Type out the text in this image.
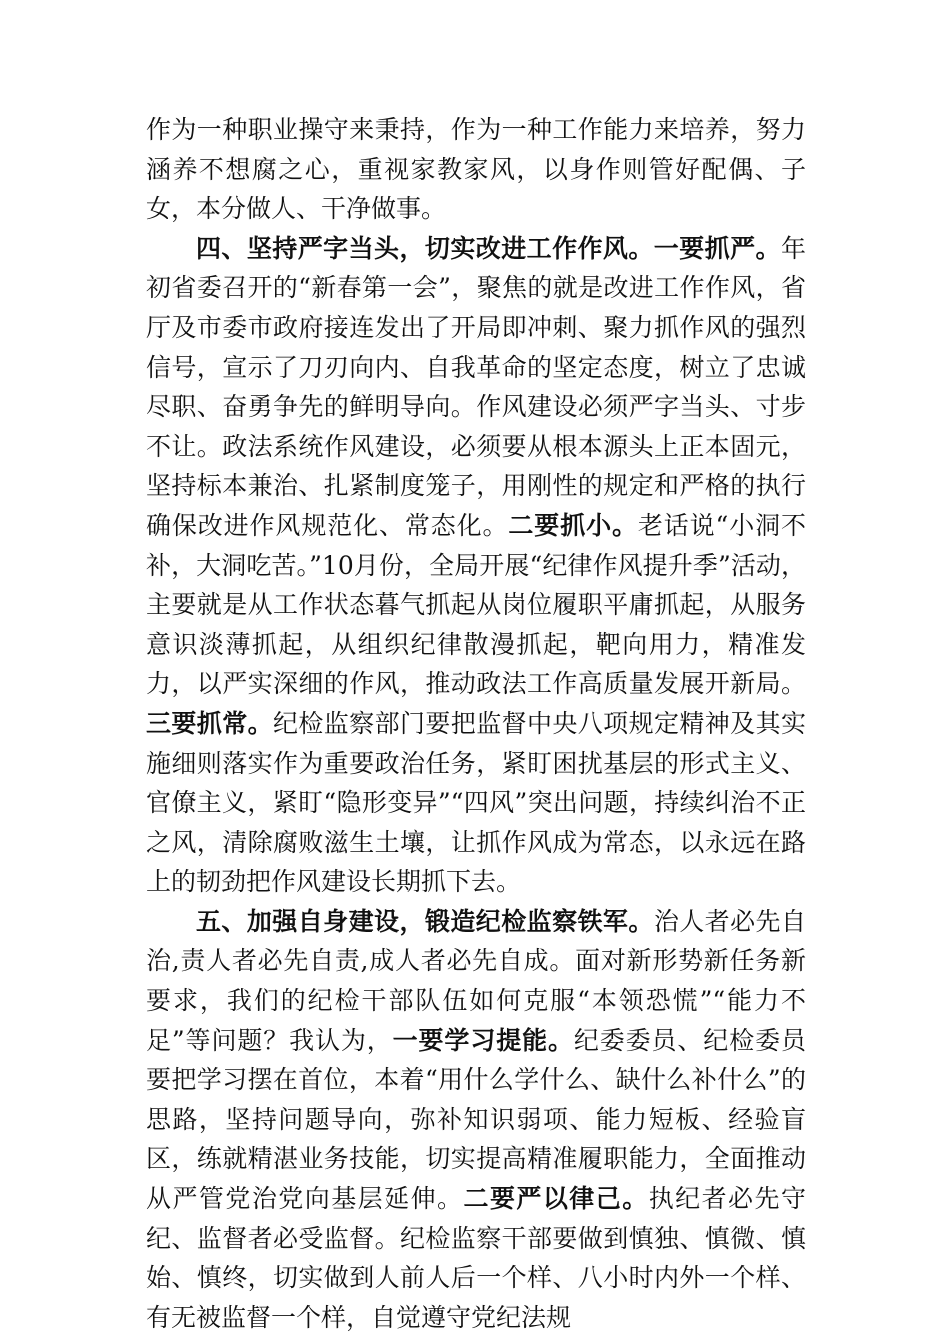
作为一种职业操守来秉持，作为一种工作能力来培养，努力涵养不想腐之心，重视家教家风，以身作则管好配偶、子女，本分做人、干净做事。

四、坚持严字当头，切实改进工作作风。一要抓严。年初省委召开的“新春第一会”，聚焦的就是改进工作作风，省厅及市委市政府接连发出了开局即冲刺、聚力抓作风的强烈信号，宣示了刀刃向内、自我革命的坚定态度，树立了忠诚尽职、奋勇争先的鲜明导向。作风建设必须严字当头、寸步不让。政法系统作风建设，必须要从根本源头上正本固元，坚持标本兼治、扎紧制度笼子，用刚性的规定和严格的执行确保改进作风规范化、常态化。二要抓小。老话说“小洞不补，大洞吃苦。”10月份，全局开展“纪律作风提升季”活动，主要就是从工作状态暮气抓起从岗位履职平庸抓起，从服务意识淡薄抓起，从组织纪律散漫抓起，靶向用力，精准发力，以严实深细的作风，推动政法工作高质量发展开新局。三要抓常。纪检监察部门要把监督中央八项规定精神及其实施细则落实作为重要政治任务，紧盯困扰基层的形式主义、官僚主义，紧盯“隐形变异”“四风”突出问题，持续纠治不正之风，清除腐败滋生土壤，让抓作风成为常态，以永远在路上的韧劲把作风建设长期抓下去。

五、加强自身建设，锻造纪检监察铁军。治人者必先自治,责人者必先自责,成人者必先自成。面对新形势新任务新要求，我们的纪检干部队伍如何克服“本领恐慌”“能力不足”等问题？我认为，一要学习提能。纪委委员、纪检委员要把学习摆在首位，本着“用什么学什么、缺什么补什么”的思路，坚持问题导向，弥补知识弱项、能力短板、经验盲区，练就精湛业务技能，切实提高精准履职能力，全面推动从严管党治党向基层延伸。二要严以律己。执纪者必先守纪、监督者必受监督。纪检监察干部要做到慎独、慎微、慎始、慎终，切实做到人前人后一个样、八小时内外一个样、有无被监督一个样，自觉遵守党纪法规
